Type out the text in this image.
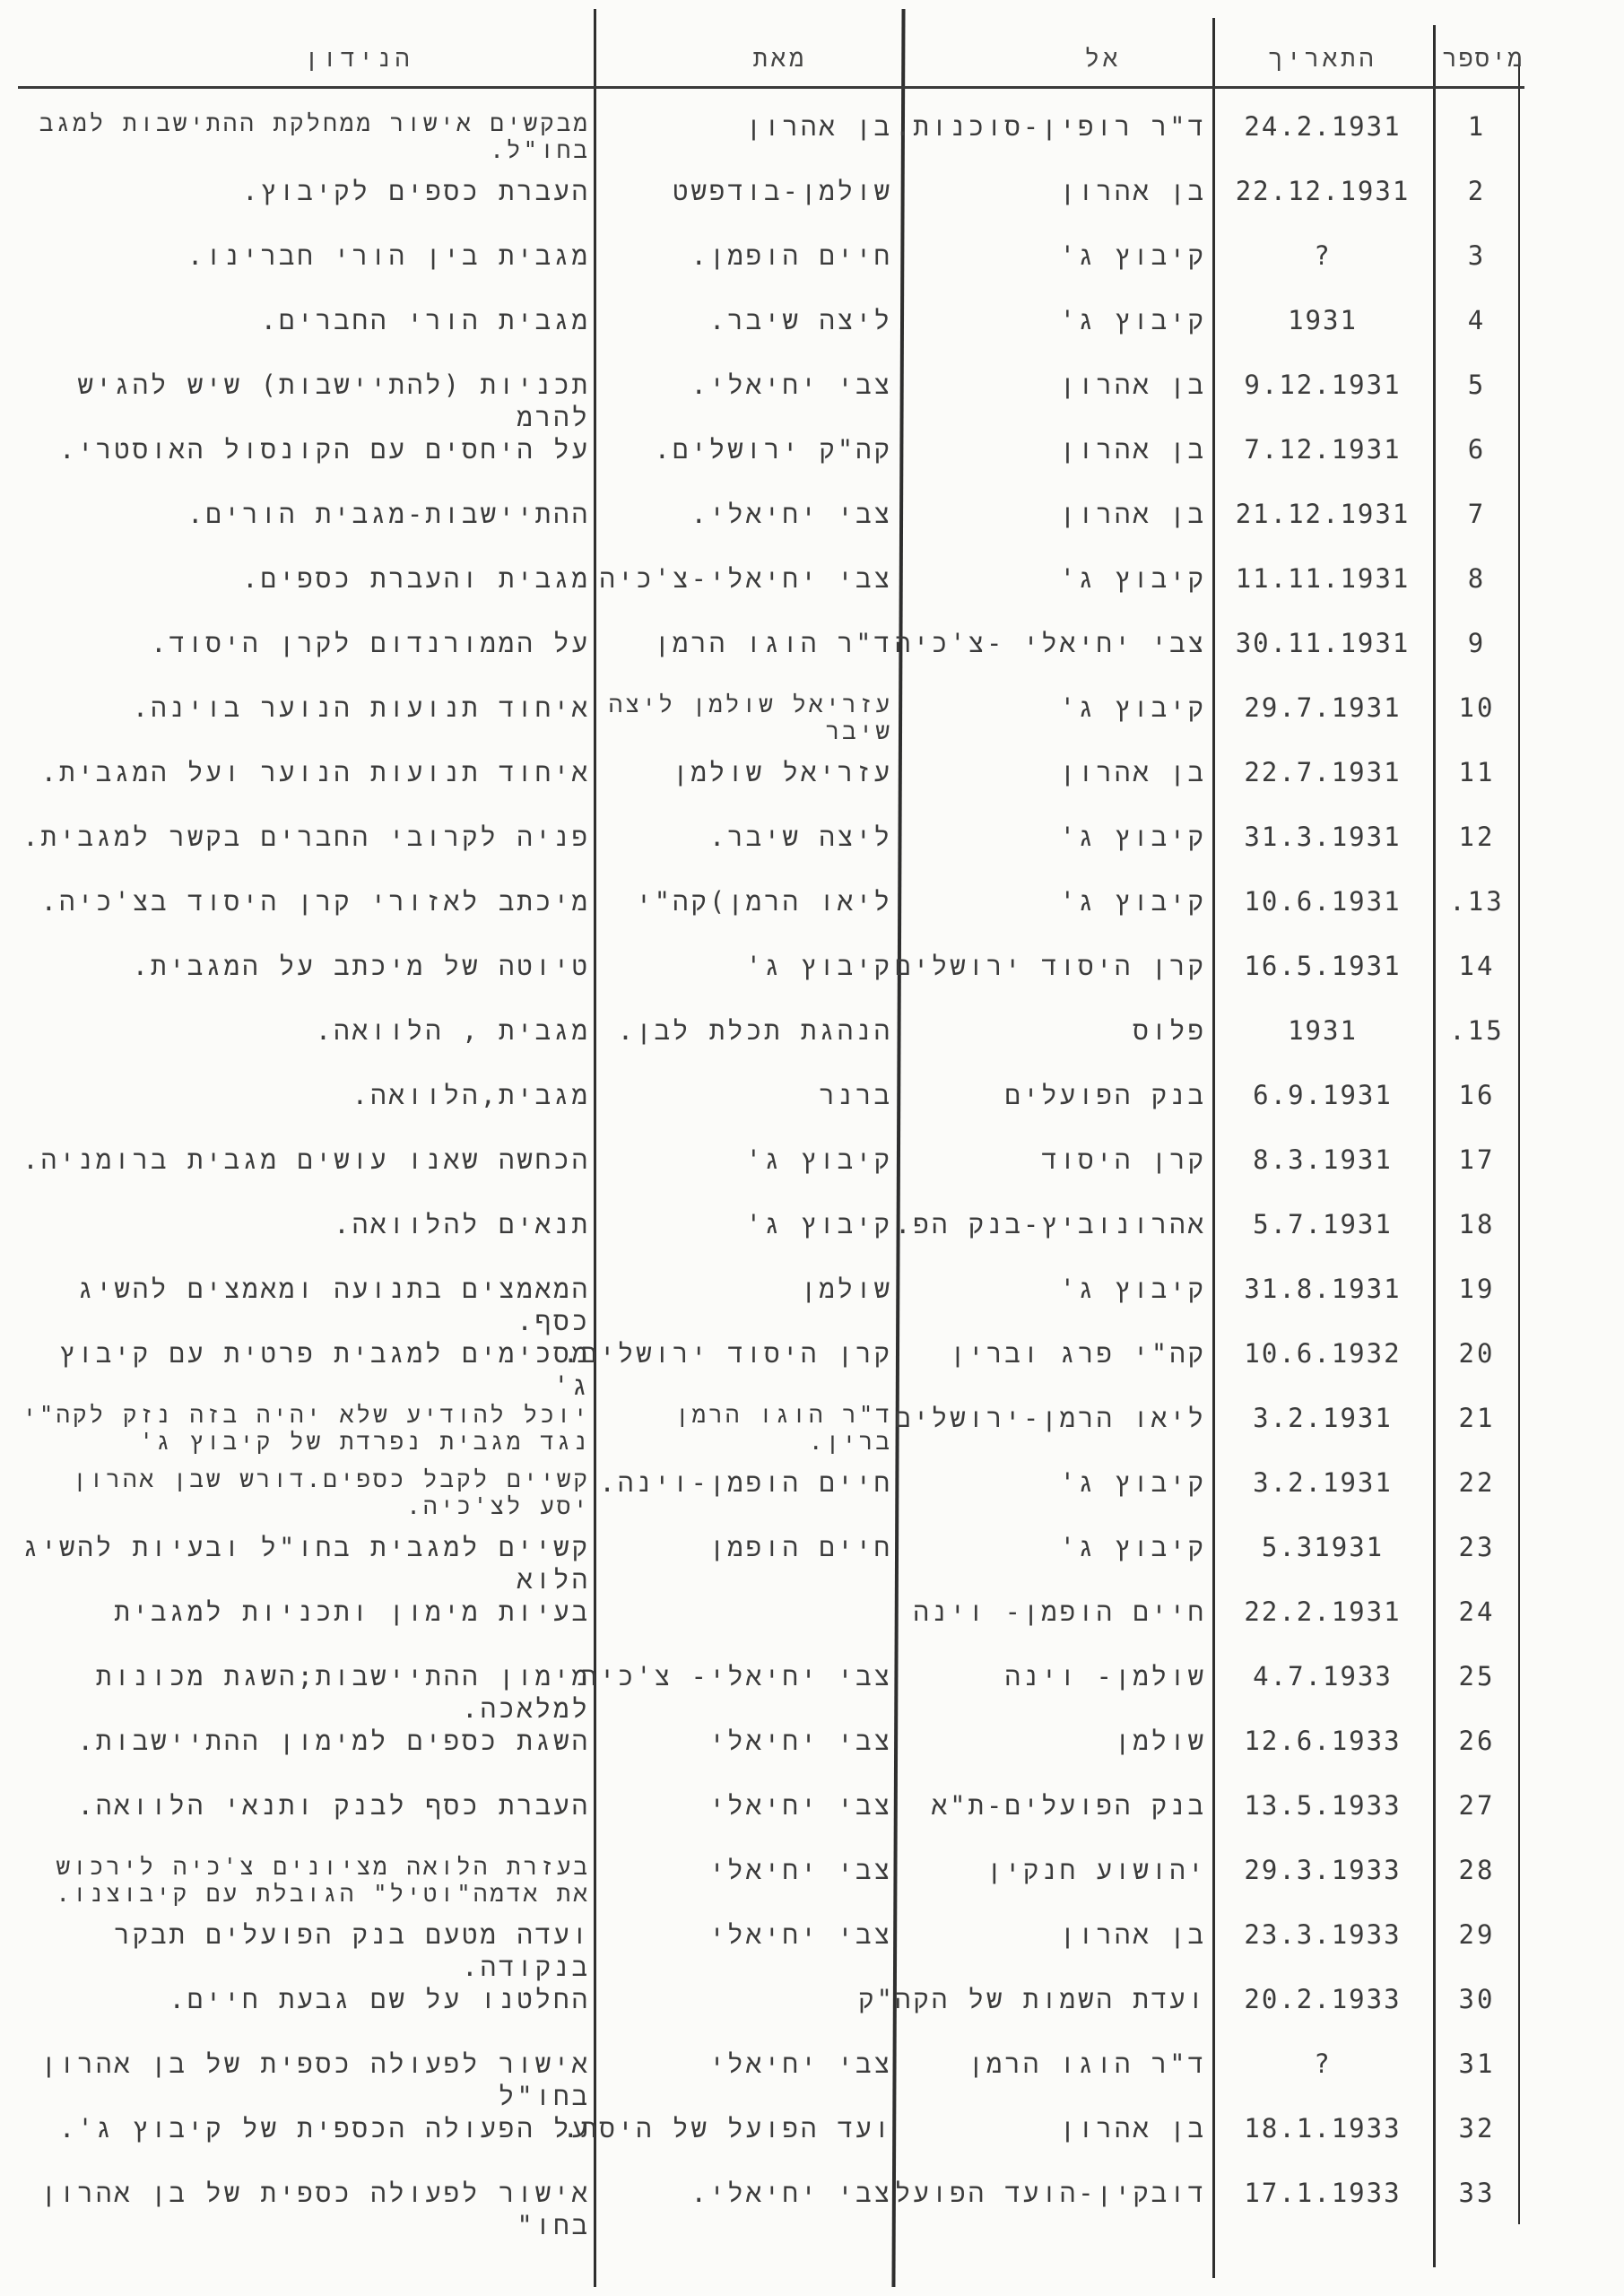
מיספר
התאריך
אל
מאת
הנידון
1
24.2.1931
ד"ר רופין-סוכנות.
בן אהרון
מבקשים אישור ממחלקת ההתישבות למגב בחו"ל.
2
22.12.1931
בן אהרון
שולמן-בודפשט
העברת כספים לקיבוץ.
3
?
קיבוץ ג'
חיים הופמן.
מגבית בין הורי חברינו.
4
1931
קיבוץ ג'
ליצה שיבר.
מגבית הורי החברים.
5
9.12.1931
בן אהרון
צבי יחיאלי.
תכניות (להתיישבות) שיש להגיש להרמ
6
7.12.1931
בן אהרון
קה"ק ירושלים.
על היחסים עם הקונסול האוסטרי.
7
21.12.1931
בן אהרון
צבי יחיאלי.
ההתיישבות-מגבית הורים.
8
11.11.1931
קיבוץ ג'
צבי יחיאלי-צ'כיה
מגבית והעברת כספים.
9
30.11.1931
צבי יחיאלי -צ'כיה
ד"ר הוגו הרמן
על הממורנדום לקרן היסוד.
10
29.7.1931
קיבוץ ג'
עזריאל שולמן ליצה שיבר
איחוד תנועות הנוער בוינה.
11
22.7.1931
בן אהרון
עזריאל שולמן
איחוד תנועות הנוער ועל המגבית.
12
31.3.1931
קיבוץ ג'
ליצה שיבר.
פניה לקרובי החברים בקשר למגבית.
.13
10.6.1931
קיבוץ ג'
ליאו הרמן)קה"י
מיכתב לאזורי קרן היסוד בצ'כיה.
14
16.5.1931
קרן היסוד ירושלים
קיבוץ ג'
טיוטה של מיכתב על המגבית.
.15
1931
פלוס
הנהגת תכלת לבן.
מגבית , הלוואה.
16
6.9.1931
בנק הפועלים
ברנר
מגבית,הלוואה.
17
8.3.1931
קרן היסוד
קיבוץ ג'
הכחשה שאנו עושים מגבית ברומניה.
18
5.7.1931
אהרונוביץ-בנק הפ.
קיבוץ ג'
תנאים להלוואה.
19
31.8.1931
קיבוץ ג'
שולמן
המאמצים בתנועה ומאמצים להשיג כסף.
20
10.6.1932
קה"י פרג וברין
קרן היסוד ירושלים.
מסכימים למגבית פרטית עם קיבוץ ג'
21
3.2.1931
ליאו הרמן-ירושלים
ד"ר הוגו הרמן ברין.
יוכל להודיע שלא יהיה בזה נזק לקה"י נגד מגבית נפרדת של קיבוץ ג'
22
3.2.1931
קיבוץ ג'
חיים הופמן-וינה.
קשיים לקבל כספים.דורש שבן אהרון יסע לצ'כיה.
23
5.31931
קיבוץ ג'
חיים הופמן
קשיים למגבית בחו"ל ובעיות להשיג הלוא
24
22.2.1931
חיים הופמן- וינה
בעיות מימון ותכניות למגבית
25
4.7.1933
שולמן- וינה
צבי יחיאלי- צ'כיה
מימון ההתיישבות;השגת מכונות למלאכה.
26
12.6.1933
שולמן
צבי יחיאלי
השגת כספים למימון ההתיישבות.
27
13.5.1933
בנק הפועלים-ת"א
צבי יחיאלי
העברת כסף לבנק ותנאי הלוואה.
28
29.3.1933
יהושוע חנקין
צבי יחיאלי
בעזרת הלואה מציונים צ'כיה לירכוש את אדמה"וטיל" הגובלת עם קיבוצנו.
29
23.3.1933
בן אהרון
צבי יחיאלי
ועדה מטעם בנק הפועלים תבקר בנקודה.
30
20.2.1933
ועדת השמות של הקה"ק
החלטנו על שם גבעת חיים.
31
?
ד"ר הוגו הרמן
צבי יחיאלי
אישור לפעולה כספית של בן אהרון בחו"ל
32
18.1.1933
בן אהרון
ועד הפועל של היסת.
על הפעולה הכספית של קיבוץ ג'.
33
17.1.1933
דובקין-הועד הפועל
צבי יחיאלי.
אישור לפעולה כספית של בן אהרון בחו"
